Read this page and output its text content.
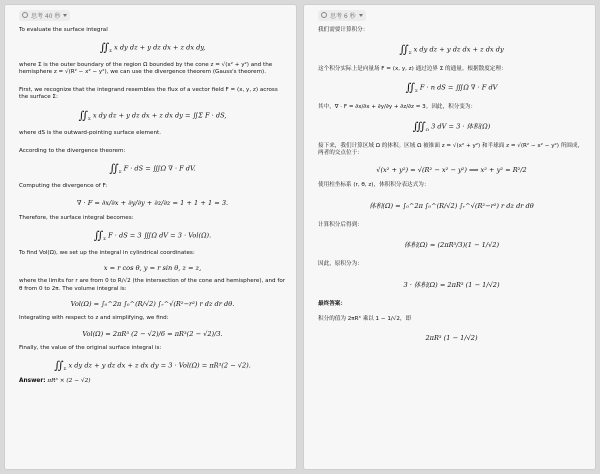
思考 40 秒

To evaluate the surface integral

$∬_\Sigma$ x dy dz + y dz dx + z dx dy,

where Σ is the outer boundary of the region Ω bounded by the cone z = √(x² + y²) and the hemisphere z = √(R² − x² − y²), we can use the divergence theorem (Gauss's theorem).

First, we recognize that the integrand resembles the flux of a vector field F = (x, y, z) across the surface Σ:

$∬_\Sigma$ x dy dz + y dz dx + z dx dy = ∬Σ F · dS,

where dS is the outward-pointing surface element.

According to the divergence theorem:

$∬_\Sigma$ F · dS = ∭Ω ∇ · F dV.

Computing the divergence of F:

∇ · F = ∂x/∂x + ∂y/∂y + ∂z/∂z = 1 + 1 + 1 = 3.

Therefore, the surface integral becomes:

$∬_\Sigma$ F · dS = 3 ∭Ω dV = 3 · Vol(Ω).

To find Vol(Ω), we set up the integral in cylindrical coordinates:

x = r cos θ, y = r sin θ, z = z,

where the limits for r are from 0 to R/√2 (the intersection of the cone and hemisphere), and for θ from 0 to 2π. The volume integral is:

Vol(Ω) = ∫₀^2π ∫₀^(R/√2) ∫ᵣ^√(R²−r²) r dz dr dθ.

Integrating with respect to z and simplifying, we find:

Vol(Ω) = 2πR³ (2 − √2)/6 = πR³(2 − √2)/3.

Finally, the value of the original surface integral is:

$∬_\Sigma$ x dy dz + y dz dx + z dx dy = 3 · Vol(Ω) = πR³(2 − √2).

Answer: πR³ × (2 − √2)

思考 6 秒

我们需要计算积分：

$∬_\Sigma$ x dy dz + y dz dx + z dx dy

这个积分实际上是向量场 F = (x, y, z) 通过边界 Σ 的通量。根据散度定理：

$∬_\Sigma$ F · n dS = ∭Ω ∇ · F dV

其中，∇ · F = ∂x/∂x + ∂y/∂y + ∂z/∂z = 3。因此，积分变为：

$∭_\Omega$ 3 dV = 3 · 体积(Ω)

接下来，我们计算区域 Ω 的体积。区域 Ω 被锥面 z = √(x² + y²) 和半球面 z = √(R² − x² − y²) 所围成，两者的交点位于：

√(x² + y²) = √(R² − x² − y²) ⟹ x² + y² = R²/2

使用柱坐标系 (r, θ, z)，体积积分表达式为：

体积(Ω) = ∫₀^2π ∫₀^(R/√2) ∫ᵣ^√(R²−r²) r dz dr dθ

计算积分后得到：

体积(Ω) = (2πR³/3)(1 − 1/√2)

因此，原积分为：

3 · 体积(Ω) = 2πR³ (1 − 1/√2)

最终答案：

积分的值为 2πR³ 乘以 1 − 1/√2，即

2πR³ (1 − 1/√2)
